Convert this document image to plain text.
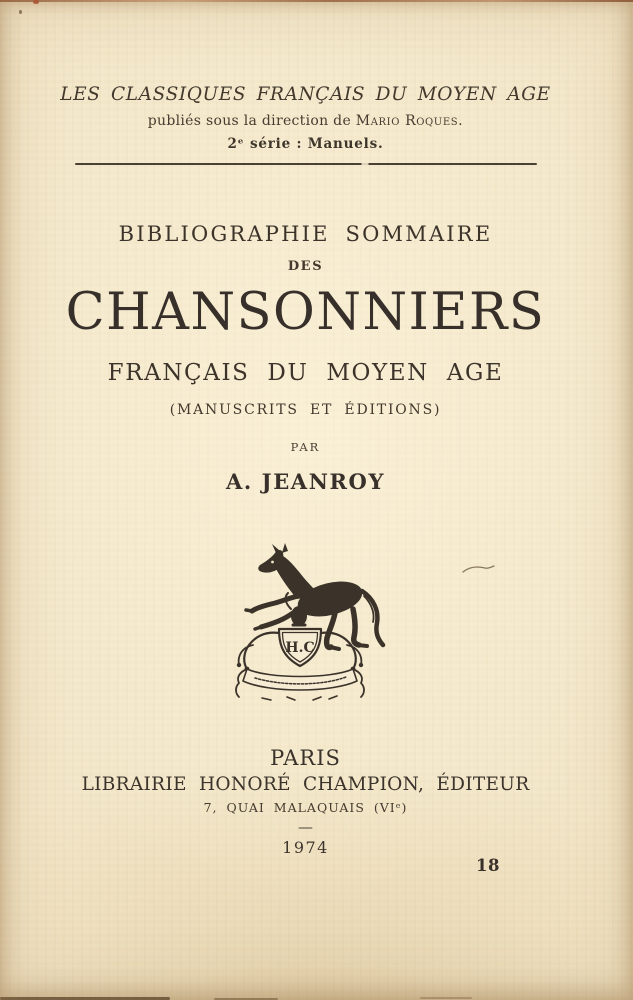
LES CLASSIQUES FRANÇAIS DU MOYEN AGE
publiés sous la direction de Mario Roques.
2ᵉ série : Manuels.
BIBLIOGRAPHIE SOMMAIRE
DES
CHANSONNIERS
FRANÇAIS DU MOYEN AGE
(MANUSCRITS ET ÉDITIONS)
PAR
A. JEANROY
H.C
PARIS
LIBRAIRIE HONORÉ CHAMPION, ÉDITEUR
7, QUAI MALAQUAIS (VIᵉ)
—
1974
18
